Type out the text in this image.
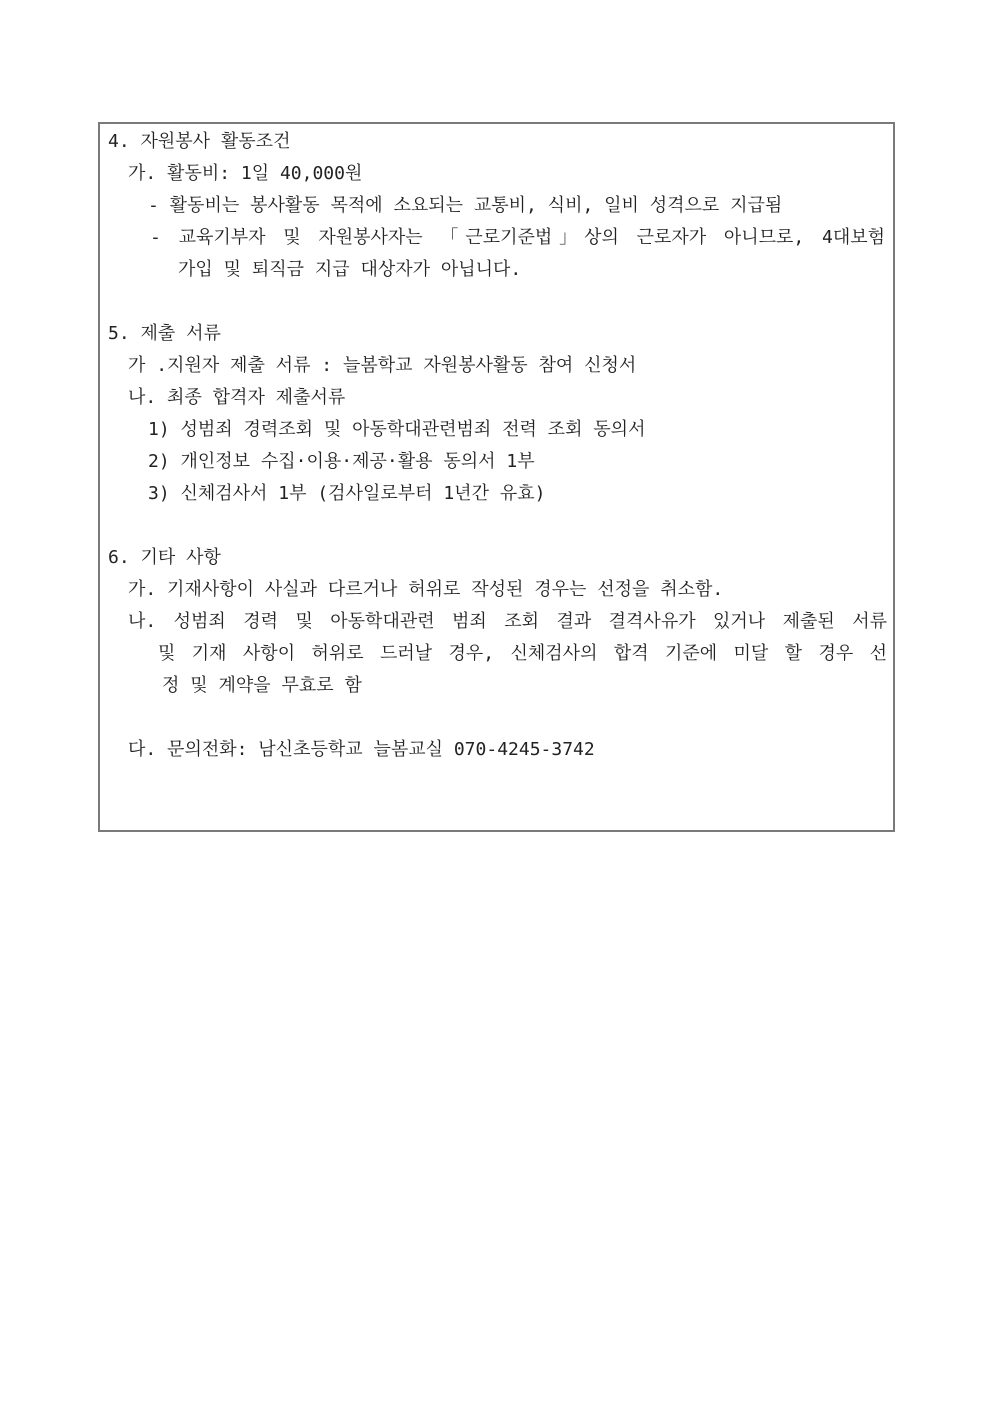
4. 자원봉사 활동조건
가. 활동비: 1일 40,000원
- 활동비는 봉사활동 목적에 소요되는 교통비, 식비, 일비 성격으로 지급됨
- 교육기부자 및 자원봉사자는 「근로기준법」상의 근로자가 아니므로, 4대보험
가입 및 퇴직금 지급 대상자가 아닙니다.
5. 제출 서류
가 .지원자 제출 서류 : 늘봄학교 자원봉사활동 참여 신청서
나. 최종 합격자 제출서류
1) 성범죄 경력조회 및 아동학대관련범죄 전력 조회 동의서
2) 개인정보 수집·이용·제공·활용 동의서 1부
3) 신체검사서 1부 (검사일로부터 1년간 유효)
6. 기타 사항
가. 기재사항이 사실과 다르거나 허위로 작성된 경우는 선정을 취소함.
나. 성범죄 경력 및 아동학대관련 범죄 조회 결과 결격사유가 있거나 제출된 서류
및 기재 사항이 허위로 드러날 경우, 신체검사의 합격 기준에 미달 할 경우 선
정 및 계약을 무효로 함
다. 문의전화: 남신초등학교 늘봄교실 070-4245-3742
